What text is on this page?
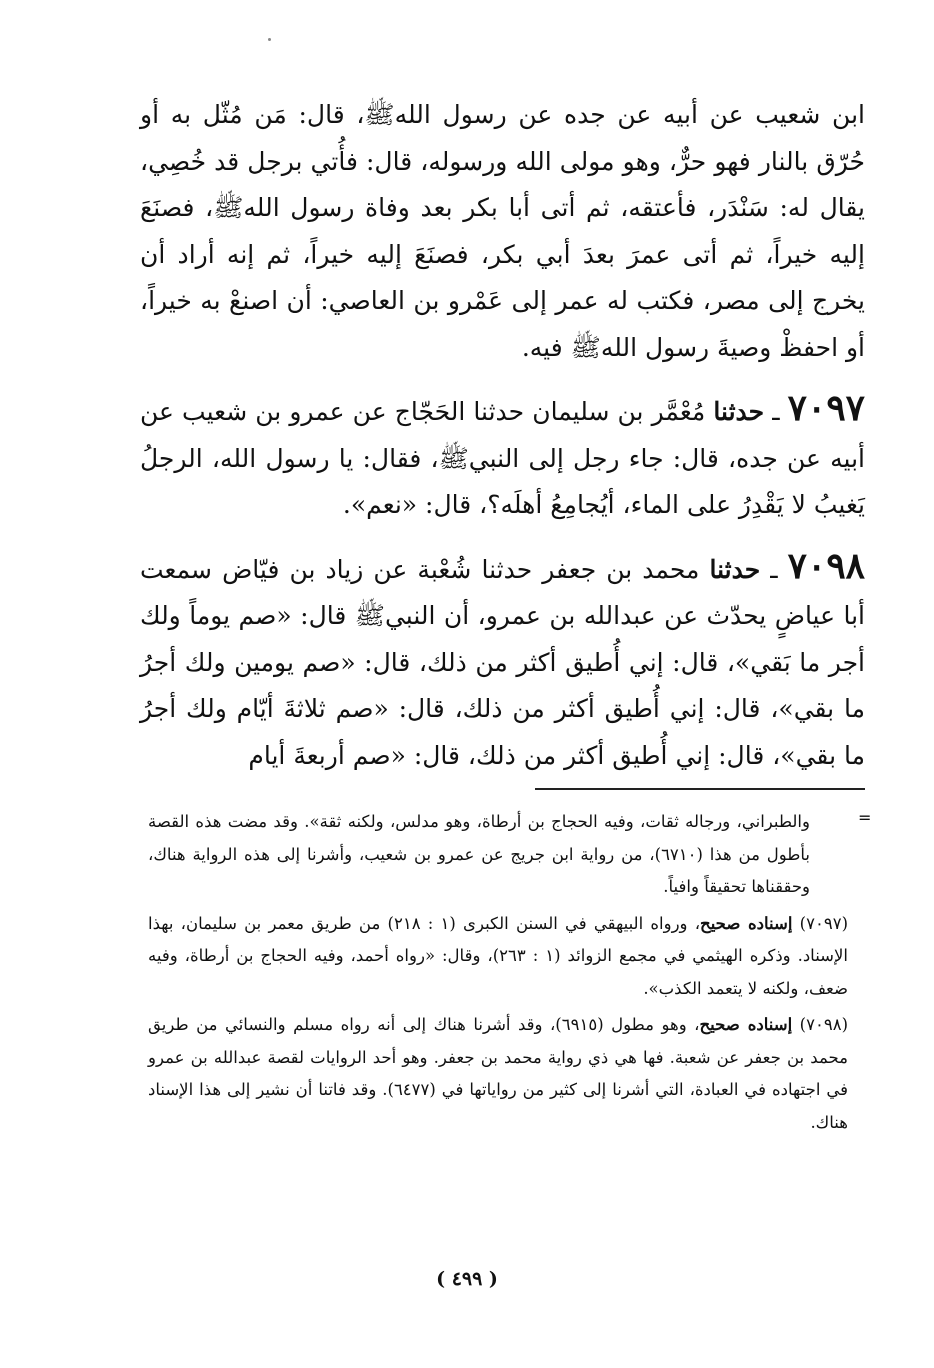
ابن شعيب عن أبيه عن جده عن رسول اللهﷺ، قال: مَن مُثّل به أو حُرّق بالنار فهو حرٌّ، وهو مولى الله ورسوله، قال: فأُتي برجل قد خُصِي، يقال له: سَنْدَر، فأعتقه، ثم أتى أبا بكر بعد وفاة رسول اللهﷺ، فصنَعَ إليه خيراً، ثم أتى عمرَ بعدَ أبي بكر، فصنَعَ إليه خيراً، ثم إنه أراد أن يخرج إلى مصر، فكتب له عمر إلى عَمْرو بن العاصي: أن اصنعْ به خيراً، أو احفظْ وصيةَ رسول اللهﷺ فيه.

٧٠٩٧ ـ حدثنا مُعْمَّر بن سليمان حدثنا الحَجّاج عن عمرو بن شعيب عن أبيه عن جده، قال: جاء رجل إلى النبيﷺ، فقال: يا رسول الله، الرجلُ يَغيبُ لا يَقْدِرُ على الماء، أيُجامِعُ أهلَه؟، قال: «نعم».

٧٠٩٨ ـ حدثنا محمد بن جعفر حدثنا شُعْبة عن زياد بن فيّاض سمعت أبا عياضٍ يحدّث عن عبدالله بن عمرو، أن النبيﷺ قال: «صم يوماً ولك أجر ما بَقي»، قال: إني أُطيق أكثر من ذلك، قال: «صم يومين ولك أجرُ ما بقي»، قال: إني أُطيق أكثر من ذلك، قال: «صم ثلاثةَ أيّام ولك أجرُ ما بقي»، قال: إني أُطيق أكثر من ذلك، قال: «صم أربعةَ أيام

=

والطبراني، ورجاله ثقات، وفيه الحجاج بن أرطاة، وهو مدلس، ولكنه ثقة». وقد مضت هذه القصة بأطول من هذا (٦٧١٠)، من رواية ابن جريج عن عمرو بن شعيب، وأشرنا إلى هذه الرواية هناك، وحققناها تحقيقاً وافياً.

(٧٠٩٧) إسناده صحيح، ورواه البيهقي في السنن الكبرى (١ : ٢١٨) من طريق معمر بن سليمان، بهذا الإسناد. وذكره الهيثمي في مجمع الزوائد (١ : ٢٦٣)، وقال: «رواه أحمد، وفيه الحجاج بن أرطاة، وفيه ضعف، ولكنه لا يتعمد الكذب».

(٧٠٩٨) إسناده صحيح، وهو مطول (٦٩١٥)، وقد أشرنا هناك إلى أنه رواه مسلم والنسائي من طريق محمد بن جعفر عن شعبة. فها هي ذي رواية محمد بن جعفر. وهو أحد الروايات لقصة عبدالله بن عمرو في اجتهاده في العبادة، التي أشرنا إلى كثير من رواياتها في (٦٤٧٧). وقد فاتنا أن نشير إلى هذا الإسناد هناك.

( ٤٩٩ )
